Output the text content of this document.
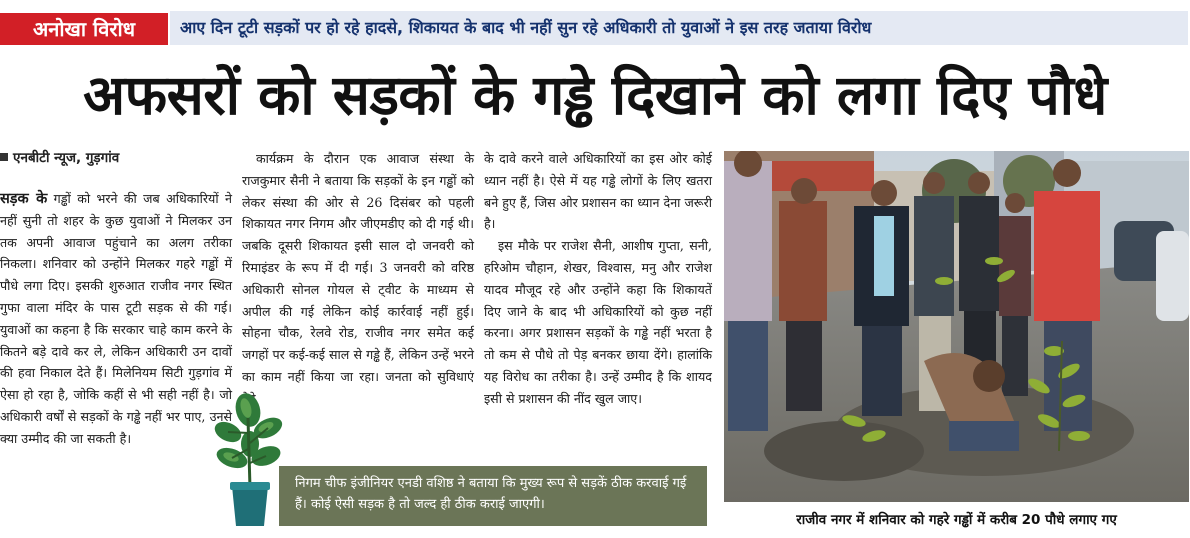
अनोखा विरोध	आए दिन टूटी सड़कों पर हो रहे हादसे, शिकायत के बाद भी नहीं सुन रहे अधिकारी तो युवाओं ने इस तरह जताया विरोध
अफसरों को सड़कों के गड्ढे दिखाने को लगा दिए पौधे
एनबीटी न्यूज, गुड़गांव
सड़क के गड्ढों को भरने की जब अधिकारियों ने नहीं सुनी तो शहर के कुछ युवाओं ने मिलकर उन तक अपनी आवाज पहुंचाने का अलग तरीका निकला। शनिवार को उन्होंने मिलकर गहरे गड्ढों में पौधे लगा दिए। इसकी शुरुआत राजीव नगर स्थित गुफा वाला मंदिर के पास टूटी सड़क से की गई। युवाओं का कहना है कि सरकार चाहे काम करने के कितने बड़े दावे कर ले, लेकिन अधिकारी उन दावों की हवा निकाल देते हैं। मिलेनियम सिटी गुड़गांव में ऐसा हो रहा है, जोकि कहीं से भी सही नहीं है। जो अधिकारी वर्षों से सड़कों के गड्ढे नहीं भर पाए, उनसे क्या उम्मीद की जा सकती है।
कार्यक्रम के दौरान एक आवाज संस्था के राजकुमार सैनी ने बताया कि सड़कों के इन गड्ढों को लेकर संस्था की ओर से 26 दिसंबर को पहली शिकायत नगर निगम और जीएमडीए को दी गई थी। जबकि दूसरी शिकायत इसी साल दो जनवरी को रिमाइंडर के रूप में दी गई। 3 जनवरी को वरिष्ठ अधिकारी सोनल गोयल से ट्वीट के माध्यम से अपील की गई लेकिन कोई कार्रवाई नहीं हुई। सोहना चौक, रेलवे रोड, राजीव नगर समेत कई जगहों पर कई-कई साल से गड्ढे हैं, लेकिन उन्हें भरने का काम नहीं किया जा रहा। जनता को सुविधाएं

के दावे करने वाले अधिकारियों का इस ओर कोई ध्यान नहीं है। ऐसे में यह गड्ढे लोगों के लिए खतरा बने हुए हैं, जिस ओर प्रशासन का ध्यान देना जरूरी है।

इस मौके पर राजेश सैनी, आशीष गुप्ता, सनी, हरिओम चौहान, शेखर, विश्वास, मनु और राजेश यादव मौजूद रहे और उन्होंने कहा कि शिकायतें दिए जाने के बाद भी अधिकारियों को कुछ नहीं करना। अगर प्रशासन सड़कों के गड्ढे नहीं भरता है तो कम से पौधे तो पेड़ बनकर छाया देंगे। हालांकि यह विरोध का तरीका है। उन्हें उम्मीद है कि शायद इसी से प्रशासन की नींद खुल जाए।

निगम चीफ इंजीनियर एनडी वशिष्ठ ने बताया कि मुख्य रूप से सड़कें ठीक करवाई गई हैं। कोई ऐसी सड़क है तो जल्द ही ठीक कराई जाएगी।
राजीव नगर में शनिवार को गहरे गड्ढों में करीब 20 पौधे लगाए गए
